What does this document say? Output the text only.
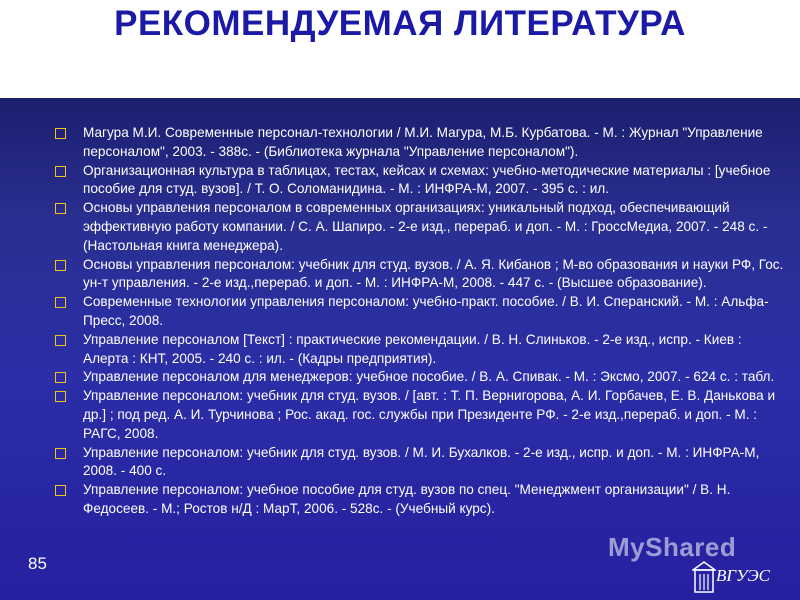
РЕКОМЕНДУЕМАЯ ЛИТЕРАТУРА
Магура М.И. Современные персонал-технологии / М.И. Магура, М.Б. Курбатова. - М. : Журнал "Управление персоналом", 2003. - 388с. - (Библиотека журнала "Управление персоналом").
Организационная культура в таблицах, тестах, кейсах и схемах: учебно-методические материалы : [учебное пособие для студ. вузов]. / Т. О. Соломанидина. - М. : ИНФРА-М, 2007. - 395 с. : ил.
Основы управления персоналом в современных организациях: уникальный подход, обеспечивающий эффективную работу компании. / С. А. Шапиро. - 2-е изд., перераб. и доп. - М. : ГроссМедиа, 2007. - 248 с. - (Настольная книга менеджера).
Основы управления персоналом: учебник для студ. вузов. / А. Я. Кибанов ; М-во образования и науки РФ, Гос. ун-т управления. - 2-е изд.,перераб. и доп. - М. : ИНФРА-М, 2008. - 447 с. - (Высшее образование).
Современные технологии управления персоналом: учебно-практ. пособие. / В. И. Сперанский. - М. : Альфа-Пресс, 2008.
Управление персоналом [Текст] : практические рекомендации. / В. Н. Слиньков. - 2-е изд., испр. - Киев : Алерта : КНТ, 2005. - 240 с. : ил. - (Кадры предприятия).
Управление персоналом для менеджеров: учебное пособие. / В. А. Спивак. - М. : Эксмо, 2007. - 624 с. : табл.
Управление персоналом: учебник для студ. вузов. / [авт. : Т. П. Вернигорова, А. И. Горбачев, Е. В. Данькова и др.] ; под ред. А. И. Турчинова ; Рос. акад. гос. службы при Президенте РФ. - 2-е изд.,перераб. и доп. - М. : РАГС, 2008.
Управление персоналом: учебник для студ. вузов. / М. И. Бухалков. - 2-е изд., испр. и доп. - М. : ИНФРА-М, 2008. - 400 с.
Управление персоналом: учебное пособие для студ. вузов по спец. "Менеджмент организации" / В. Н. Федосеев. - М.; Ростов н/Д : МарТ, 2006. - 528с. - (Учебный курс).
85
MyShared
ВГУЭС
